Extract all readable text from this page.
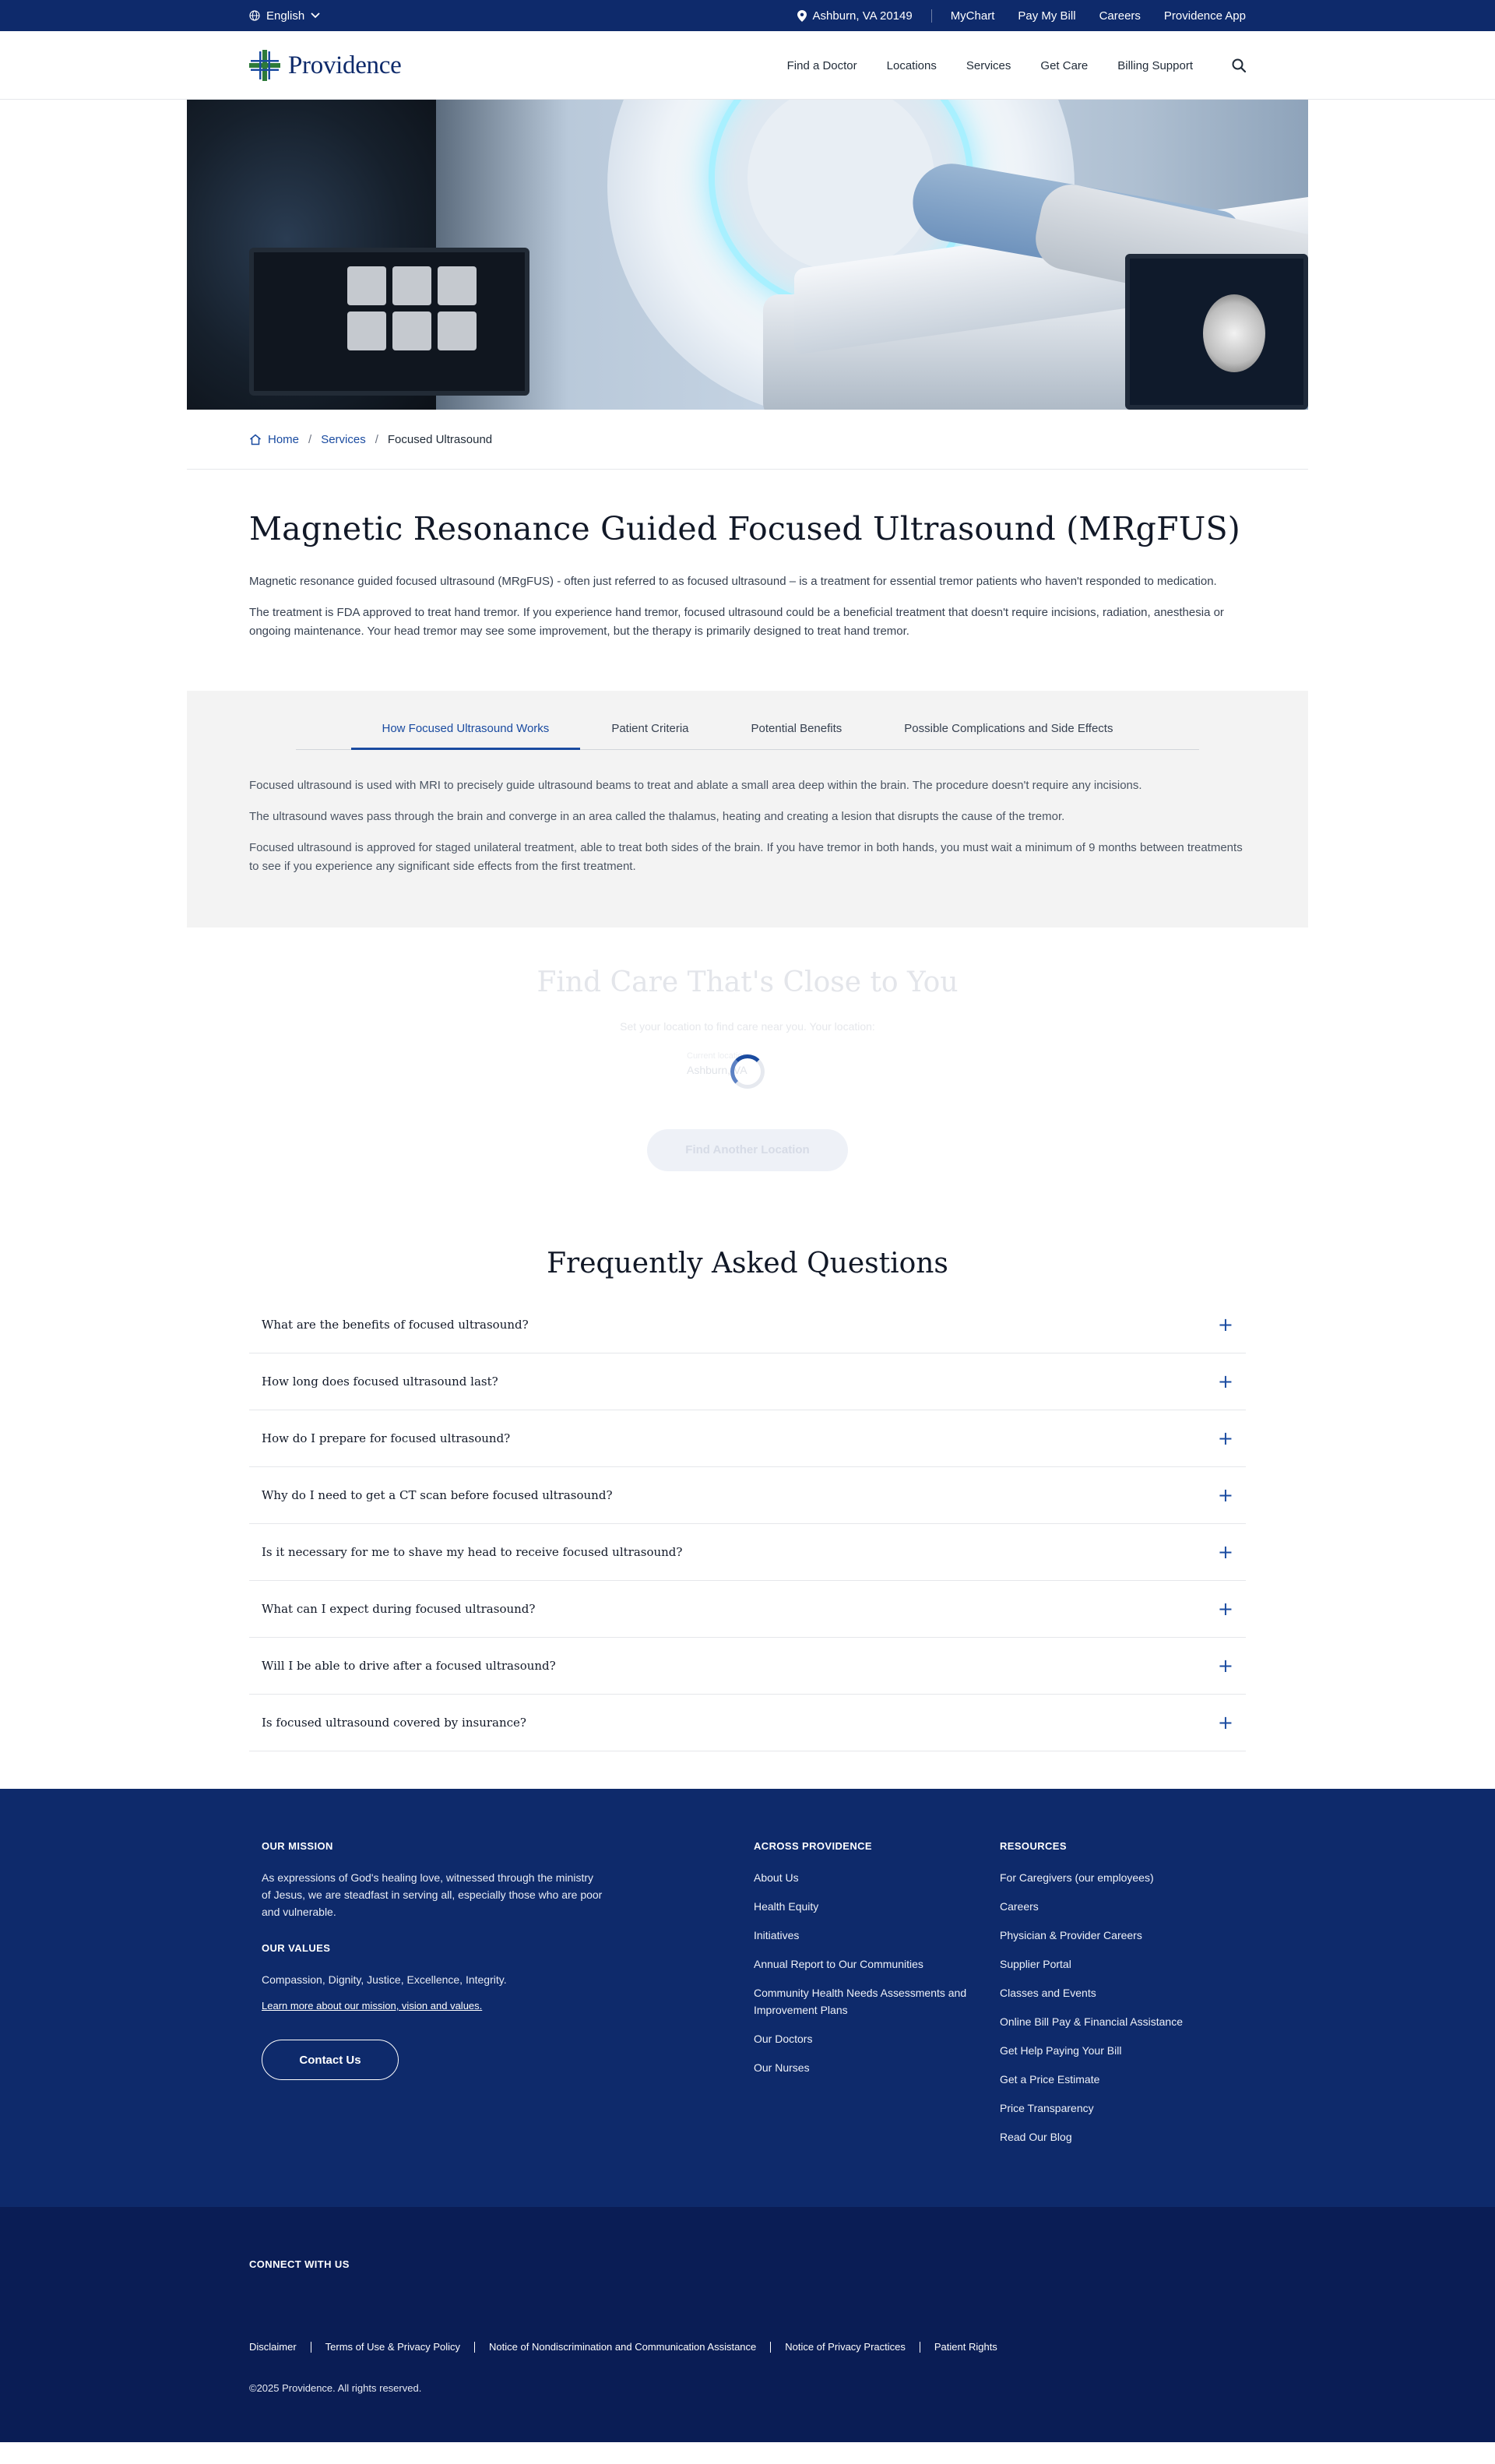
English	Ashburn, VA 20149	MyChart Pay My Bill Careers Providence App
Providence	Find a Doctor	Locations	Services	Get Care	Billing Support
Home / Services / Focused Ultrasound
Magnetic Resonance Guided Focused Ultrasound (MRgFUS)

Magnetic resonance guided focused ultrasound (MRgFUS) - often just referred to as focused ultrasound – is a treatment for essential tremor patients who haven't responded to medication.

The treatment is FDA approved to treat hand tremor. If you experience hand tremor, focused ultrasound could be a beneficial treatment that doesn't require incisions, radiation, anesthesia or ongoing maintenance. Your head tremor may see some improvement, but the therapy is primarily designed to treat hand tremor.

How Focused Ultrasound Works	Patient Criteria	Potential Benefits	Possible Complications and Side Effects

Focused ultrasound is used with MRI to precisely guide ultrasound beams to treat and ablate a small area deep within the brain. The procedure doesn't require any incisions.

The ultrasound waves pass through the brain and converge in an area called the thalamus, heating and creating a lesion that disrupts the cause of the tremor.

Focused ultrasound is approved for staged unilateral treatment, able to treat both sides of the brain. If you have tremor in both hands, you must wait a minimum of 9 months between treatments to see if you experience any significant side effects from the first treatment.

Find Care That's Close to You
Set your location to find care near you. Your location:
Current location
Ashburn, VA
Find Another Location
Frequently Asked Questions
What are the benefits of focused ultrasound?	+
How long does focused ultrasound last?	+
How do I prepare for focused ultrasound?	+
Why do I need to get a CT scan before focused ultrasound?	+
Is it necessary for me to shave my head to receive focused ultrasound?	+
What can I expect during focused ultrasound?	+
Will I be able to drive after a focused ultrasound?	+
Is focused ultrasound covered by insurance?	+
OUR MISSION
As expressions of God's healing love, witnessed through the ministry of Jesus, we are steadfast in serving all, especially those who are poor and vulnerable.
OUR VALUES
Compassion, Dignity, Justice, Excellence, Integrity.
Learn more about our mission, vision and values.
Contact Us
ACROSS PROVIDENCE
About Us
Health Equity
Initiatives
Annual Report to Our Communities
Community Health Needs Assessments and Improvement Plans
Our Doctors
Our Nurses
RESOURCES
For Caregivers (our employees)
Careers
Physician & Provider Careers
Supplier Portal
Classes and Events
Online Bill Pay & Financial Assistance
Get Help Paying Your Bill
Get a Price Estimate
Price Transparency
Read Our Blog
CONNECT WITH US
Disclaimer	Terms of Use & Privacy Policy	Notice of Nondiscrimination and Communication Assistance	Notice of Privacy Practices	Patient Rights
©2025 Providence. All rights reserved.
